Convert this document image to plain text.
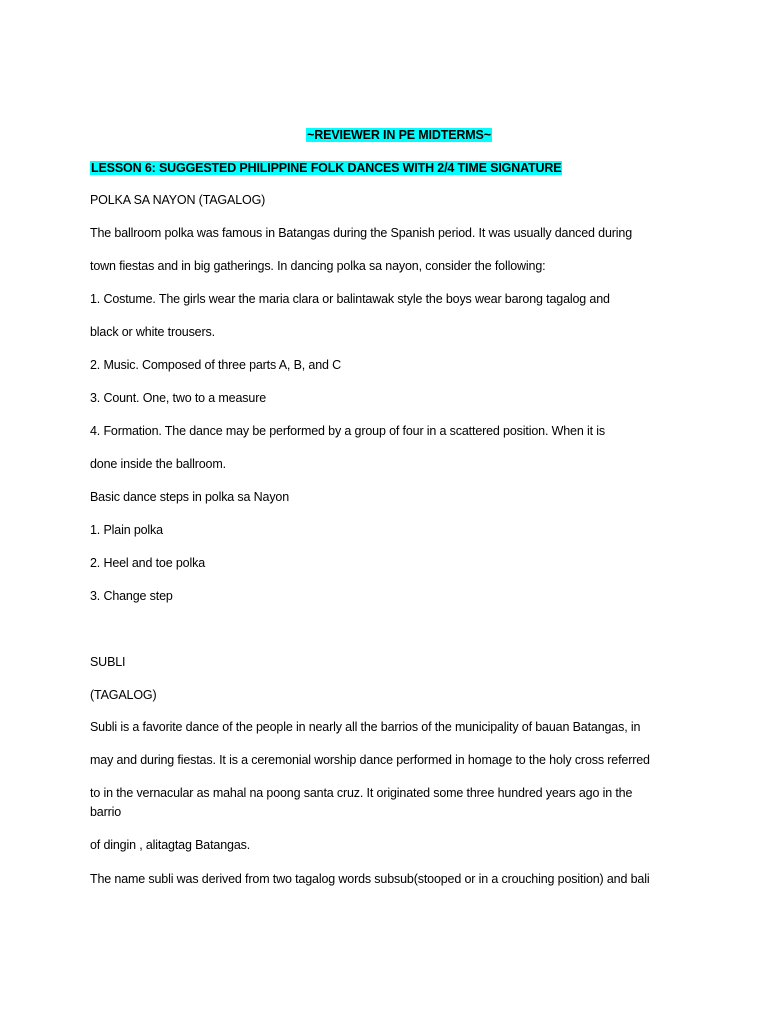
~REVIEWER IN PE MIDTERMS~
LESSON 6: SUGGESTED PHILIPPINE FOLK DANCES WITH 2/4 TIME SIGNATURE
POLKA SA NAYON (TAGALOG)
The ballroom polka was famous in Batangas during the Spanish period. It was usually danced during
town fiestas and in big gatherings. In dancing polka sa nayon, consider the following:
1. Costume. The girls wear the maria clara or balintawak style the boys wear barong tagalog and
black or white trousers.
2. Music. Composed of three parts A, B, and C
3. Count. One, two to a measure
4. Formation. The dance may be performed by a group of four in a scattered position. When it is
done inside the ballroom.
Basic dance steps in polka sa Nayon
1. Plain polka
2. Heel and toe polka
3. Change step
SUBLI
(TAGALOG)
Subli is a favorite dance of the people in nearly all the barrios of the municipality of bauan Batangas, in
may and during fiestas. It is a ceremonial worship dance performed in homage to the holy cross referred
to in the vernacular as mahal na poong santa cruz. It originated some three hundred years ago in the
barrio
of dingin , alitagtag Batangas.
The name subli was derived from two tagalog words subsub(stooped or in a crouching position) and bali
